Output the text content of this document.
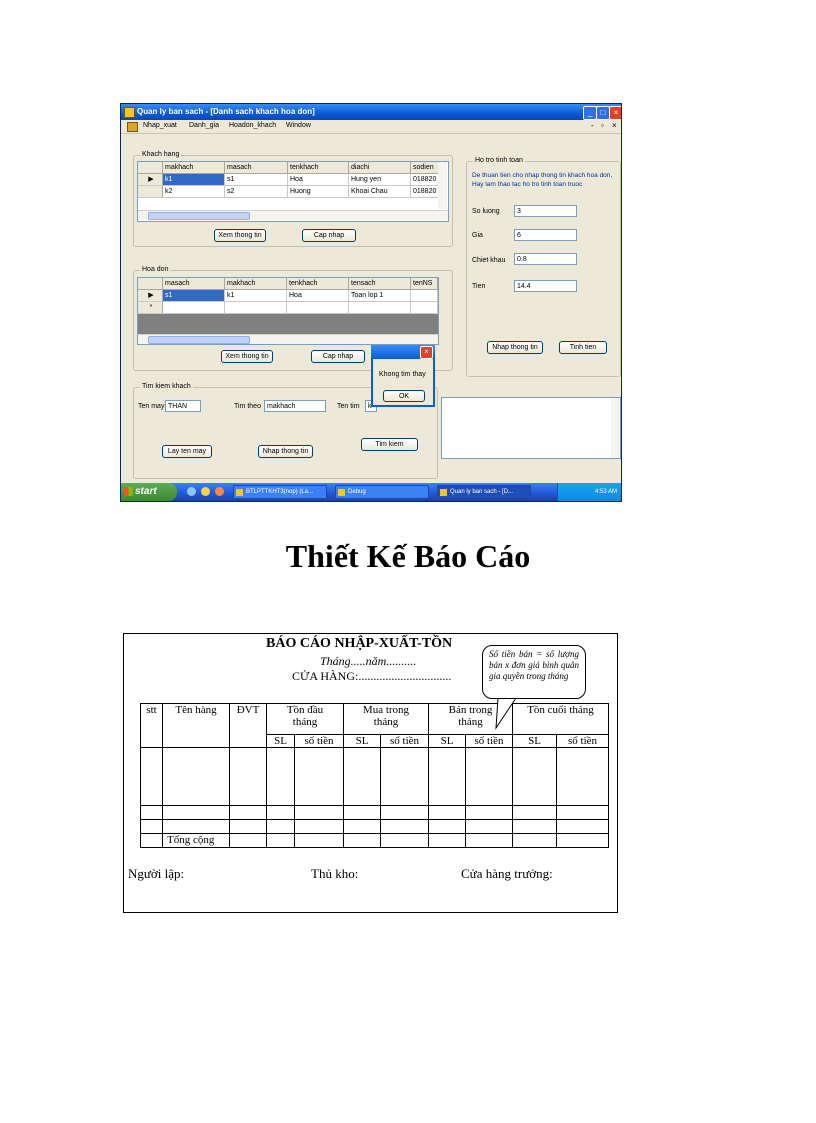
Quan ly ban sach - [Danh sach khach hoa don]	_	□	×
Nhap_xuat Danh_gia Hoadon_khach Window	- ▫ ×
Khach hang
makhach	masach	tenkhach	diachi	sodien
▶	k1	s1	Hoa	Hung yen	018820
k2	s2	Huong	Khoai Chau	018820
Xem thong tin	Cap nhap
Hoa don
masach	makhach	tenkhach	tensach	tenNS
▶	s1	k1	Hoa	Toan lop 1
*
Xem thong tin	Cap nhap
Tim kiem khach
Ten may THAN	Tim theo makhach	Ten tim	k
Lay ten may	Nhap thong tin
Tim kiem
Ho tro tinh toan
De thuan tien cho nhap thong tin khach hoa don,
Hay lam thao tac ho tro tinh toan truoc
So luong	3
Gia	6
Chiet khau	0.8
Tien	14.4
Nhap thong tin	Tinh tien
×
Khong tim thay
OK
start	BTLPTTKHT3(nop) (La...	Debug	Quan ly ban sach - [D...	4:53 AM
Thiết Kế Báo Cáo
BÁO CÁO NHẬP-XUẤT-TỒN
Tháng.....năm..........
CỬA HÀNG:...............................
stt	Tên hàng	ĐVT	Tồn đầu tháng		Mua trong tháng		Bán trong tháng		Tồn cuối tháng	
			SL	số tiền	SL	số tiền	SL	số tiền	SL	số tiền

	Tổng cộng									
Số tiền bán = số lượng bán x đơn giá bình quân gia quyền trong tháng
Người lập:	Thủ kho:	Cửa hàng trưởng:
